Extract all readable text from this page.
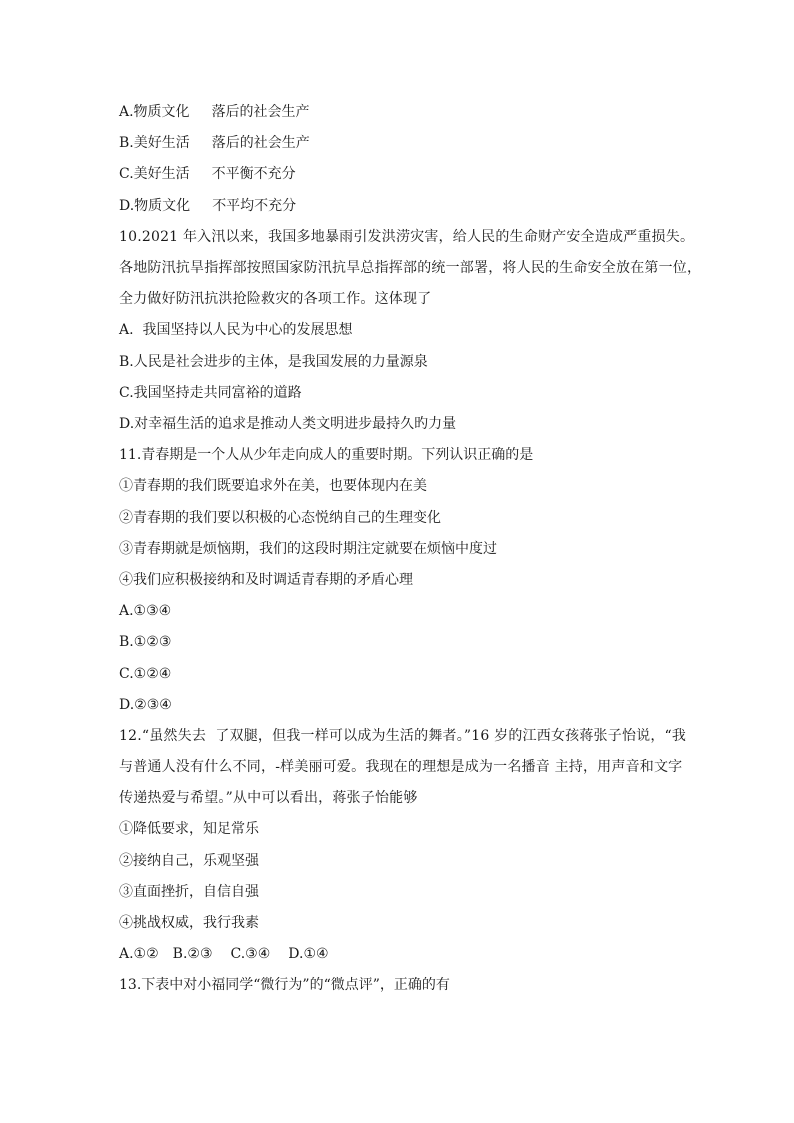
A.物质文化 落后的社会生产
B.美好生活 落后的社会生产
C.美好生活 不平衡不充分
D.物质文化 不平均不充分
10.2021 年入汛以来，我国多地暴雨引发洪涝灾害，给人民的生命财产安全造成严重损失。
各地防汛抗旱指挥部按照国家防汛抗旱总指挥部的统一部署，将人民的生命安全放在第一位，
全力做好防汛抗洪抢险救灾的各项工作。这体现了
A.  我国坚持以人民为中心的发展思想
B.人民是社会进步的主体，是我国发展的力量源泉
C.我国坚持走共同富裕的道路
D.对幸福生活的追求是推动人类文明进步最持久旳力量
11.青春期是一个人从少年走向成人的重要时期。下列认识正确的是
①青春期的我们既要追求外在美，也要体现内在美
②青春期的我们要以积极的心态悦纳自己的生理变化
③青春期就是烦恼期，我们的这段时期注定就要在烦恼中度过
④我们应积极接纳和及时调适青春期的矛盾心理
A.①③④
B.①②③
C.①②④
D.②③④
12.“虽然失去  了双腿，但我一样可以成为生活的舞者。”16 岁的江西女孩蒋张子怡说，“我
与普通人没有什么不同，-样美丽可爱。我现在的理想是成为一名播音 主持，用声音和文字
传递热爱与希望。”从中可以看出，蒋张子怡能够
①降低要求，知足常乐
②接纳自己，乐观坚强
③直面挫折，自信自强
④挑战权威，我行我素
A.①② B.②③ C.③④ D.①④
13.下表中对小福同学“微行为”的“微点评”，正确的有
